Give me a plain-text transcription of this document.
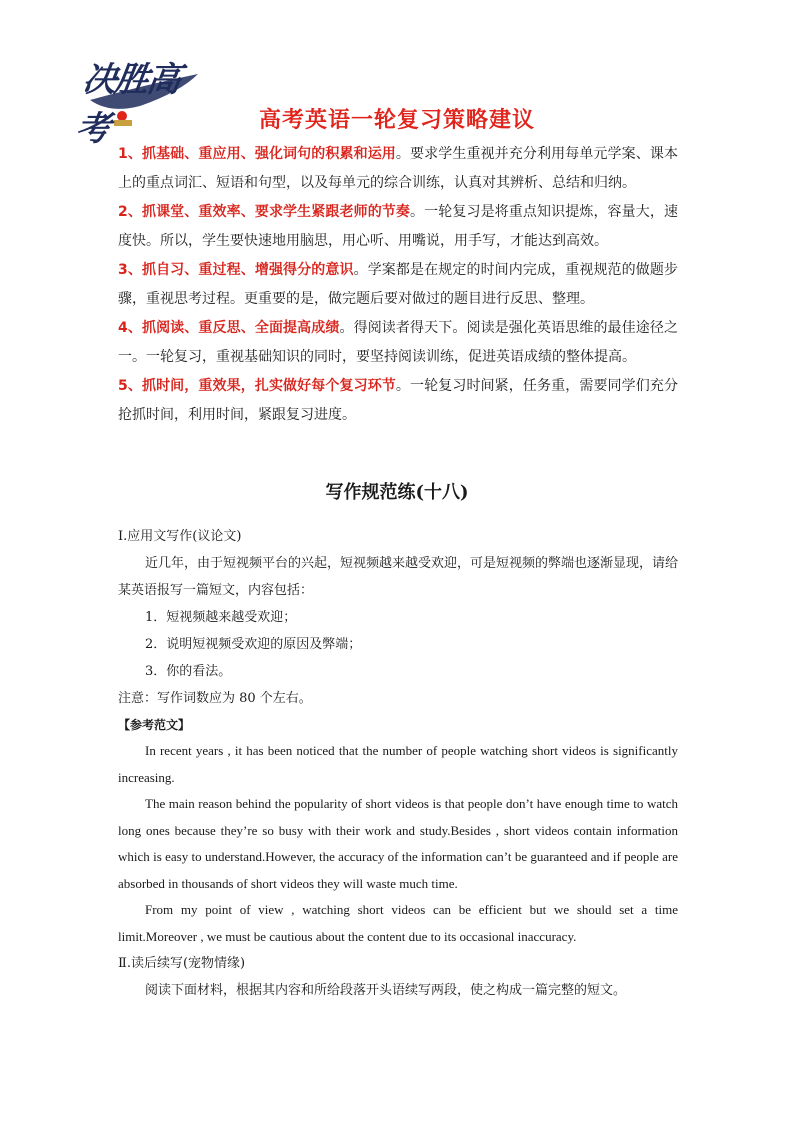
决胜高考	高考英语一轮复习策略建议

1、抓基础、重应用、强化词句的积累和运用。要求学生重视并充分利用每单元学案、课本上的重点词汇、短语和句型，以及每单元的综合训练，认真对其辨析、总结和归纳。

2、抓课堂、重效率、要求学生紧跟老师的节奏。一轮复习是将重点知识提炼，容量大，速度快。所以，学生要快速地用脑思，用心听、用嘴说，用手写，才能达到高效。

3、抓自习、重过程、增强得分的意识。学案都是在规定的时间内完成，重视规范的做题步骤，重视思考过程。更重要的是，做完题后要对做过的题目进行反思、整理。

4、抓阅读、重反思、全面提高成绩。得阅读者得天下。阅读是强化英语思维的最佳途径之一。一轮复习，重视基础知识的同时，要坚持阅读训练，促进英语成绩的整体提高。

5、抓时间，重效果，扎实做好每个复习环节。一轮复习时间紧，任务重，需要同学们充分抢抓时间，利用时间，紧跟复习进度。

写作规范练(十八)

Ⅰ.应用文写作(议论文)

近几年，由于短视频平台的兴起，短视频越来越受欢迎，可是短视频的弊端也逐渐显现，请给某英语报写一篇短文，内容包括：

1．短视频越来越受欢迎；
2．说明短视频受欢迎的原因及弊端；
3．你的看法。

注意：写作词数应为 80 个左右。

【参考范文】

In recent years , it has been noticed that the number of people watching short videos is significantly increasing.

The main reason behind the popularity of short videos is that people don’t have enough time to watch long ones because they’re so busy with their work and study.Besides , short videos contain information which is easy to understand.However, the accuracy of the information can’t be guaranteed and if people are absorbed in thousands of short videos they will waste much time.

From my point of view , watching short videos can be efficient but we should set a time limit.Moreover , we must be cautious about the content due to its occasional inaccuracy.

Ⅱ.读后续写(宠物情缘)

阅读下面材料，根据其内容和所给段落开头语续写两段，使之构成一篇完整的短文。
